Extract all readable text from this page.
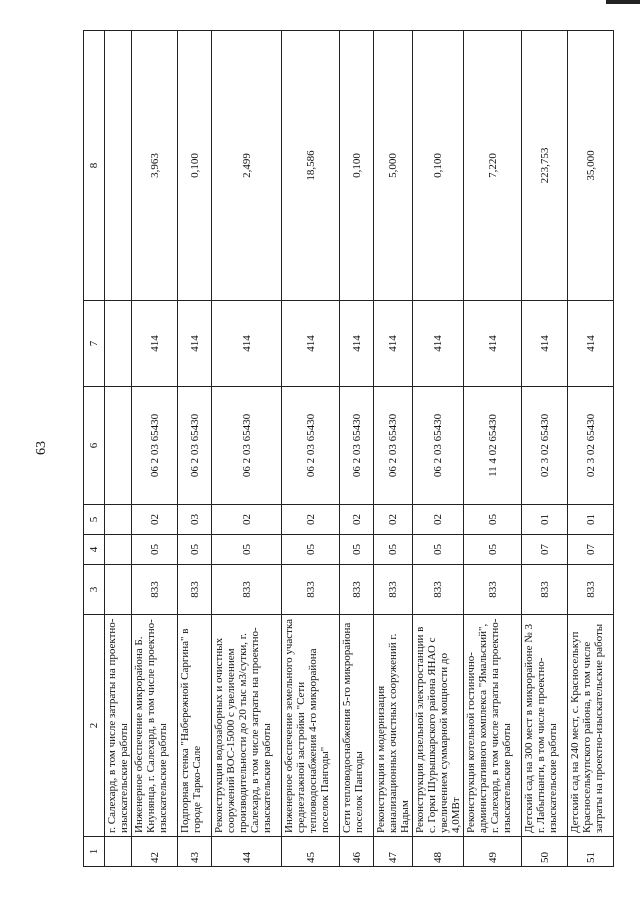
63
1	2	3	4	5	6	7	8
	г. Салехард, в том числе затраты на проектно-изыскательские работы						
42	Инженерное обеспечение микрорайона Б. Кнунянца, г. Салехард, в том числе проектно-изыскательские работы	833	05	02	06 2 03 65430	414	3,963
43	Подпорная стенка "Набережной Саргина" в городе Тарко-Сале	833	05	03	06 2 03 65430	414	0,100
44	Реконструкция водозаборных и очистных сооружений ВОС-15000 с увеличением производительности до 20 тыс м3/сутки, г. Салехард, в том числе затраты на проектно-изыскательские работы	833	05	02	06 2 03 65430	414	2,499
45	Инженерное обеспечение земельного участка среднеэтажной застройки "Сети тепловодоснабжения 4-го микрорайона поселок Пангоды"	833	05	02	06 2 03 65430	414	18,586
46	Сети тепловодоснабжения 5-го микрорайона поселок Пангоды	833	05	02	06 2 03 65430	414	0,100
47	Реконструкция и модернизация канализационных очистных сооружений г. Надым	833	05	02	06 2 03 65430	414	5,000
48	Реконструкция дизельной электростанции в с. Горки Шурышкарского района ЯНАО с увеличением суммарной мощности до 4,0МВт	833	05	02	06 2 03 65430	414	0,100
49	Реконструкция котельной гостинично-административного комплекса "Ямальский", г. Салехард, в том числе затраты на проектно-изыскательские работы	833	05	05	11 4 02 65430	414	7,220
50	Детский сад на 300 мест в микрорайоне № 3 г. Лабытнанги, в том числе проектно-изыскательские работы	833	07	01	02 3 02 65430	414	223,753
51	Детский сад на 240 мест, с. Красноселькуп Красноселькупского района, в том числе затраты на проектно-изыскательские работы	833	07	01	02 3 02 65430	414	35,000
